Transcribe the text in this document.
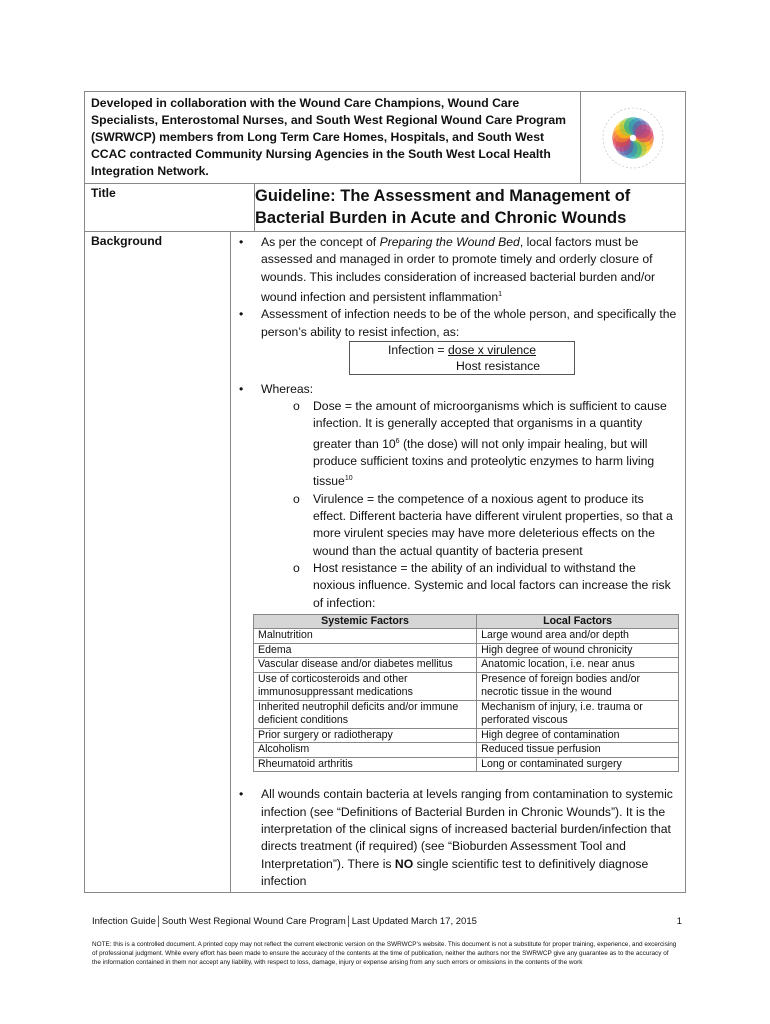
Developed in collaboration with the Wound Care Champions, Wound Care Specialists, Enterostomal Nurses, and South West Regional Wound Care Program (SWRWCP) members from Long Term Care Homes, Hospitals, and South West CCAC contracted Community Nursing Agencies in the South West Local Health Integration Network.
Title	Guideline: The Assessment and Management of Bacterial Burden in Acute and Chronic Wounds
Background	• As per the concept of Preparing the Wound Bed, local factors must be assessed and managed in order to promote timely and orderly closure of wounds. This includes consideration of increased bacterial burden and/or wound infection and persistent inflammation$^1$
• Assessment of infection needs to be of the whole person, and specifically the person’s ability to resist infection, as:
Infection = dose x virulence
Host resistance
• Whereas:
o Dose = the amount of microorganisms which is sufficient to cause infection. It is generally accepted that organisms in a quantity greater than $10^6$ (the dose) will not only impair healing, but will produce sufficient toxins and proteolytic enzymes to harm living tissue$^{10}$
o Virulence = the competence of a noxious agent to produce its effect. Different bacteria have different virulent properties, so that a more virulent species may have more deleterious effects on the wound than the actual quantity of bacteria present
o Host resistance = the ability of an individual to withstand the noxious influence. Systemic and local factors can increase the risk of infection:
Systemic Factors	Local Factors
Malnutrition	Large wound area and/or depth
Edema	High degree of wound chronicity
Vascular disease and/or diabetes mellitus	Anatomic location, i.e. near anus
Use of corticosteroids and other immunosuppressant medications	Presence of foreign bodies and/or necrotic tissue in the wound
Inherited neutrophil deficits and/or immune deficient conditions	Mechanism of injury, i.e. trauma or perforated viscous
Prior surgery or radiotherapy	High degree of contamination
Alcoholism	Reduced tissue perfusion
Rheumatoid arthritis	Long or contaminated surgery
• All wounds contain bacteria at levels ranging from contamination to systemic infection (see “Definitions of Bacterial Burden in Chronic Wounds”). It is the interpretation of the clinical signs of increased bacterial burden/infection that directs treatment (if required) (see “Bioburden Assessment Tool and Interpretation”). There is NO single scientific test to definitively diagnose infection
Infection Guide│South West Regional Wound Care Program│Last Updated March 17, 2015	1
NOTE: this is a controlled document. A printed copy may not reflect the current electronic version on the SWRWCP’s website. This document is not a substitute for proper training, experience, and excercising of professional judgment. While every effort has been made to ensure the accuracy of the contents at the time of publication, neither the authors nor the SWRWCP give any guarantee as to the accuracy of the information contained in them nor accept any liability, with respect to loss, damage, injury or expense arising from any such errors or omissions in the contents of the work
